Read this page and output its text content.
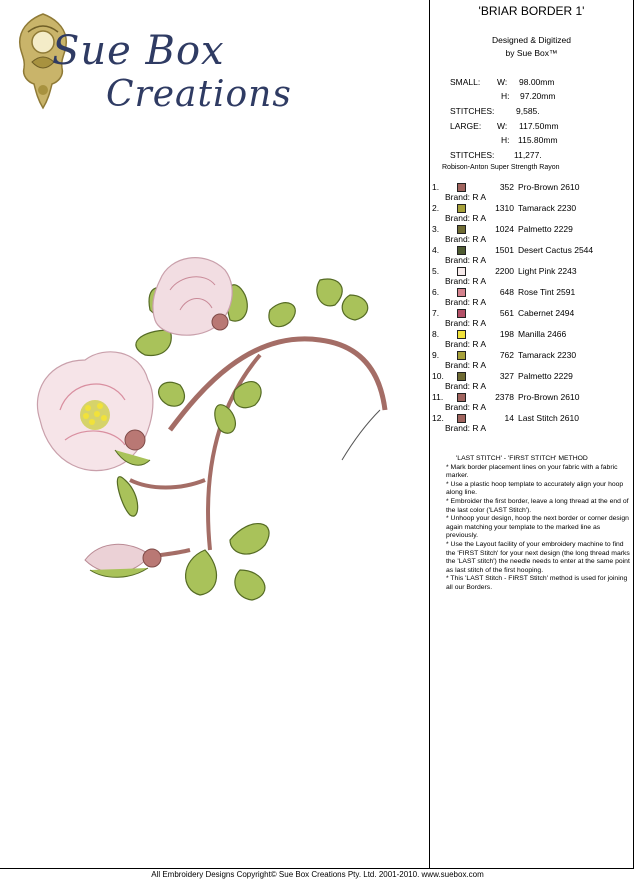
Sue Box
Creations
'BRIAR BORDER 1'
Designed & Digitized
by Sue Box™
SMALL: W: 98.00mm
H: 97.20mm
STITCHES:	9,585.
LARGE: W: 117.50mm
H: 115.80mm
STITCHES: 11,277.
Robison-Anton Super Strength Rayon
1.	352 Pro-Brown 2610
Brand: R A
2.	1310 Tamarack 2230
Brand: R A
3.	1024 Palmetto 2229
Brand: R A
4.	1501 Desert Cactus 2544
Brand: R A
5.	2200 Light Pink 2243
Brand: R A
6.	648 Rose Tint 2591
Brand: R A
7.	561 Cabernet 2494
Brand: R A
8.	198 Manilla 2466
Brand: R A
9.	762 Tamarack 2230
Brand: R A
10.	327 Palmetto 2229
Brand: R A
11.	2378 Pro-Brown 2610
Brand: R A
12.	14 Last Stitch 2610
Brand: R A

'LAST STITCH' - 'FIRST STITCH' METHOD

* Mark border placement lines on your fabric with a fabric marker.

* Use a plastic hoop template to accurately align your hoop along line.

* Embroider the first border, leave a long thread at the end of the last color ('LAST Stitch').

* Unhoop your design, hoop the next border or corner design again matching your template to the marked line as previously.

* Use the Layout facility of your embroidery machine to find the 'FIRST Stitch' for your next design (the long thread marks the 'LAST stitch') the needle needs to enter at the same point as last stitch of the first hooping.

* This 'LAST Stitch - FIRST Stitch' method is used for joining all our Borders.

All Embroidery Designs Copyright© Sue Box Creations Pty. Ltd. 2001-2010. www.suebox.com
